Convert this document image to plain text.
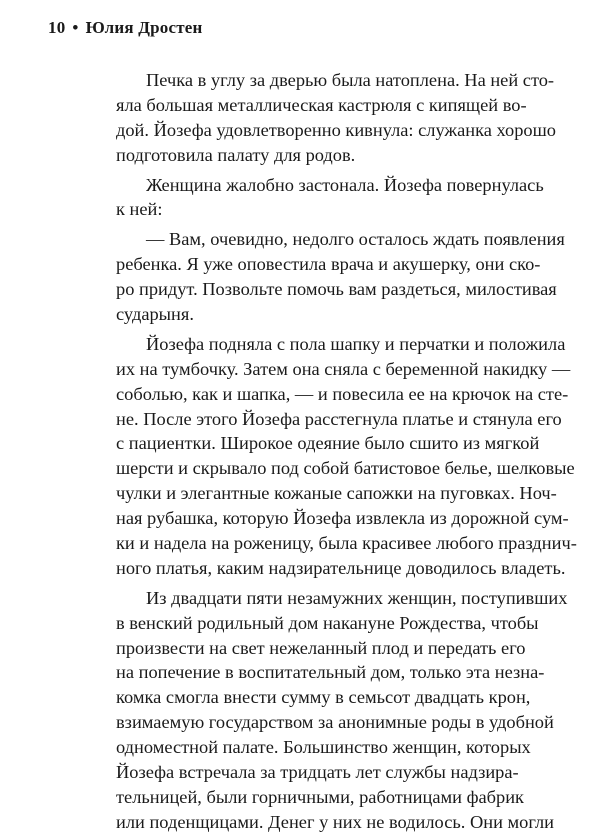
10 • Юлия Дростен
Печка в углу за дверью была натоплена. На ней сто-
яла большая металлическая кастрюля с кипящей во-
дой. Йозефа удовлетворенно кивнула: служанка хорошо
подготовила палату для родов.
Женщина жалобно застонала. Йозефа повернулась
к ней:
— Вам, очевидно, недолго осталось ждать появления
ребенка. Я уже оповестила врача и акушерку, они ско-
ро придут. Позвольте помочь вам раздеться, милостивая
сударыня.
Йозефа подняла с пола шапку и перчатки и положила
их на тумбочку. Затем она сняла с беременной накидку —
соболью, как и шапка, — и повесила ее на крючок на сте-
не. После этого Йозефа расстегнула платье и стянула его
с пациентки. Широкое одеяние было сшито из мягкой
шерсти и скрывало под собой батистовое белье, шелковые
чулки и элегантные кожаные сапожки на пуговках. Ноч-
ная рубашка, которую Йозефа извлекла из дорожной сум-
ки и надела на роженицу, была красивее любого празднич-
ного платья, каким надзирательнице доводилось владеть.
Из двадцати пяти незамужних женщин, поступивших
в венский родильный дом накануне Рождества, чтобы
произвести на свет нежеланный плод и передать его
на попечение в воспитательный дом, только эта незна-
комка смогла внести сумму в семьсот двадцать крон,
взимаемую государством за анонимные роды в удобной
одноместной палате. Большинство женщин, которых
Йозефа встречала за тридцать лет службы надзира-
тельницей, были горничными, работницами фабрик
или поденщицами. Денег у них не водилось. Они могли
